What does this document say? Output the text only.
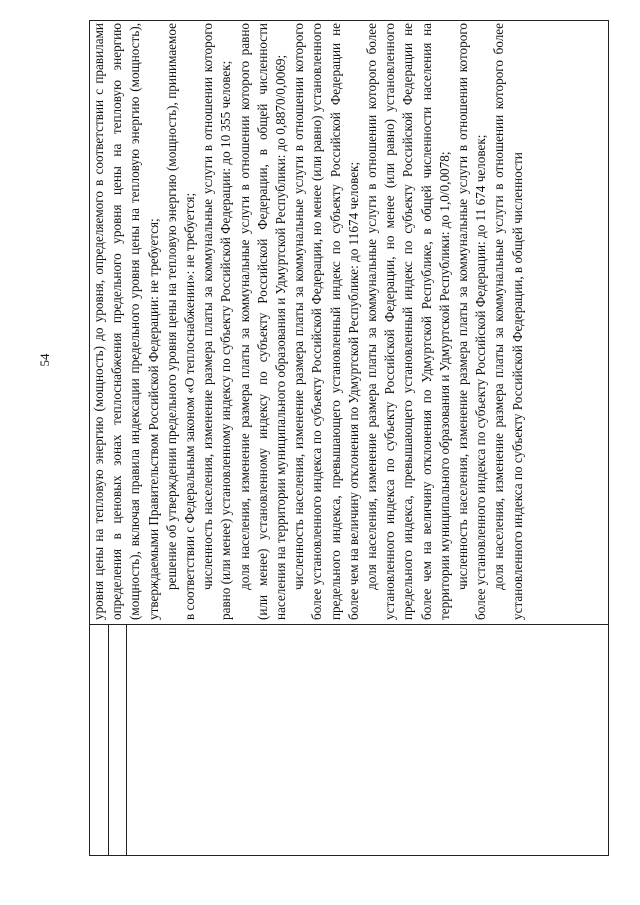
54	уровня цены на тепловую энергию (мощность) до уровня, определяемого в соответствии с правилами определения в ценовых зонах теплоснабжения предельного уровня цены на тепловую энергию (мощность), включая правила индексации предельного уровня цены на тепловую энергию (мощность), утверждаемыми Правительством Российской Федерации: не требуется; решение об утверждении предельного уровня цены на тепловую энергию (мощность), принимаемое в соответствии с Федеральным законом «О теплоснабжении»: не требуется; численность населения, изменение размера платы за коммунальные услуги в отношении которого равно (или менее) установленному индексу по субъекту Российской Федерации: до 10 355 человек; доля населения, изменение размера платы за коммунальные услуги в отношении которого равно (или менее) установленному индексу по субъекту Российской Федерации, в общей численности населения на территории муниципального образования и Удмуртской Республики: до 0,8870/0,0069; численность населения, изменение размера платы за коммунальные услуги в отношении которого более установленного индекса по субъекту Российской Федерации, но менее (или равно) установленного предельного индекса, превышающего установленный индекс по субъекту Российской Федерации не более чем на величину отклонения по Удмуртской Республике: до 11674 человек; доля населения, изменение размера платы за коммунальные услуги в отношении которого более установленного индекса по субъекту Российской Федерации, но менее (или равно) установленного предельного индекса, превышающего установленный индекс по субъекту Российской Федерации не более чем на величину отклонения по Удмуртской Республике, в общей численности населения на территории муниципального образования и Удмуртской Республики: до 1,0/0,0078; численность населения, изменение размера платы за коммунальные услуги в отношении которого более установленного индекса по субъекту Российской Федерации: до 11 674 человек; доля населения, изменение размера платы за коммунальные услуги в отношении которого более установленного индекса по субъекту Российской Федерации, в общей численности
